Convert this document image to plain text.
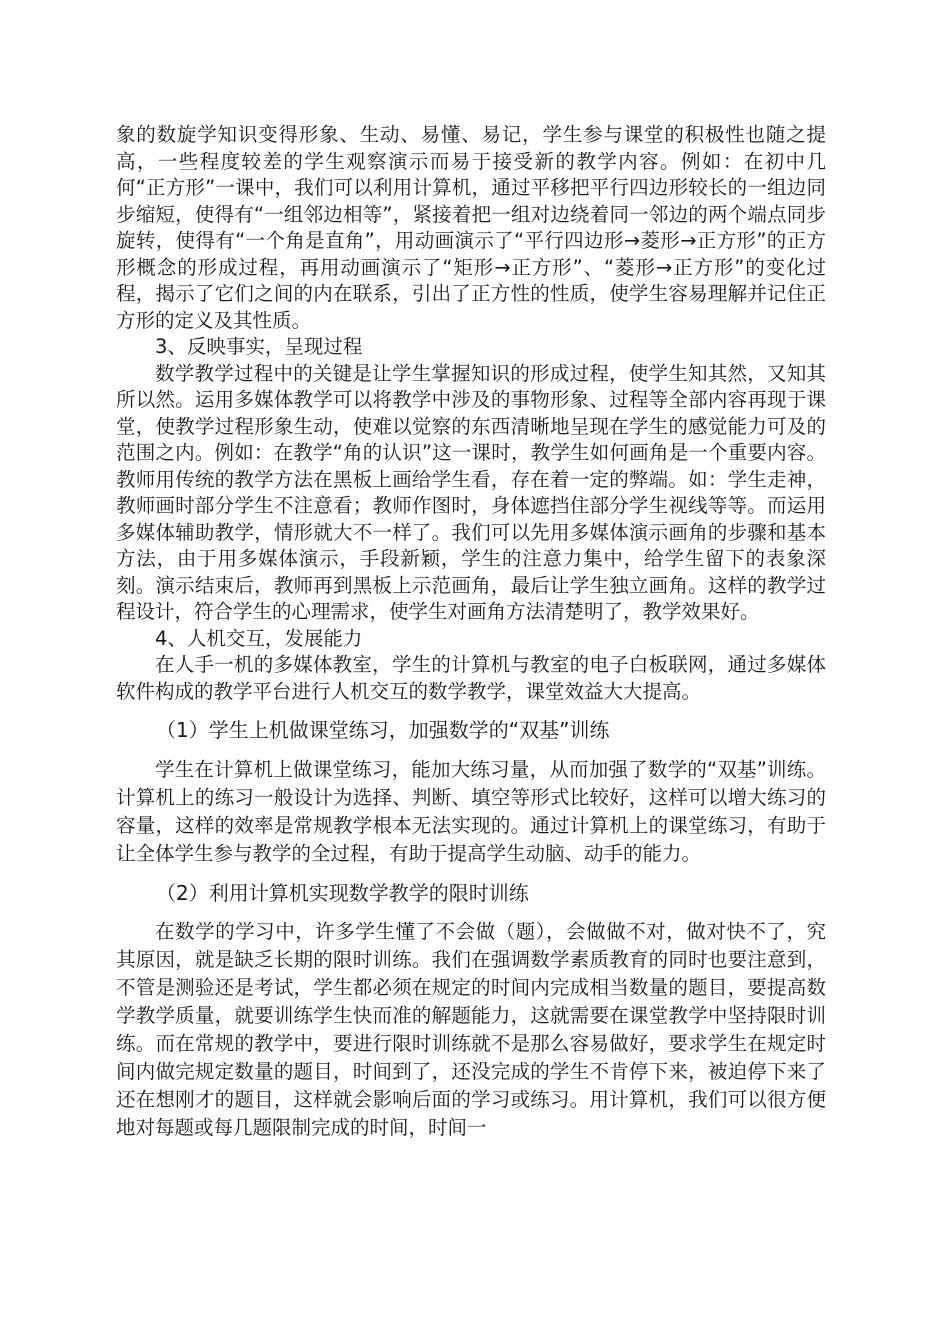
象的数旋学知识变得形象、生动、易懂、易记，学生参与课堂的积极性也随之提高，一些程度较差的学生观察演示而易于接受新的教学内容。例如：在初中几何“正方形”一课中，我们可以利用计算机，通过平移把平行四边形较长的一组边同步缩短，使得有“一组邻边相等”，紧接着把一组对边绕着同一邻边的两个端点同步旋转，使得有“一个角是直角”，用动画演示了“平行四边形→菱形→正方形”的正方形概念的形成过程，再用动画演示了“矩形→正方形”、“菱形→正方形”的变化过程，揭示了它们之间的内在联系，引出了正方性的性质，使学生容易理解并记住正方形的定义及其性质。

3、反映事实，呈现过程

数学教学过程中的关键是让学生掌握知识的形成过程，使学生知其然，又知其所以然。运用多媒体教学可以将教学中涉及的事物形象、过程等全部内容再现于课堂，使教学过程形象生动，使难以觉察的东西清晰地呈现在学生的感觉能力可及的范围之内。例如：在教学“角的认识”这一课时，教学生如何画角是一个重要内容。教师用传统的教学方法在黑板上画给学生看，存在着一定的弊端。如：学生走神，教师画时部分学生不注意看；教师作图时，身体遮挡住部分学生视线等等。而运用多媒体辅助教学，情形就大不一样了。我们可以先用多媒体演示画角的步骤和基本方法，由于用多媒体演示，手段新颖，学生的注意力集中，给学生留下的表象深刻。演示结束后，教师再到黑板上示范画角，最后让学生独立画角。这样的教学过程设计，符合学生的心理需求，使学生对画角方法清楚明了，教学效果好。

4、人机交互，发展能力

在人手一机的多媒体教室，学生的计算机与教室的电子白板联网，通过多媒体软件构成的教学平台进行人机交互的数学教学，课堂效益大大提高。

（1）学生上机做课堂练习，加强数学的“双基”训练

学生在计算机上做课堂练习，能加大练习量，从而加强了数学的“双基”训练。计算机上的练习一般设计为选择、判断、填空等形式比较好，这样可以增大练习的容量，这样的效率是常规教学根本无法实现的。通过计算机上的课堂练习，有助于让全体学生参与教学的全过程，有助于提高学生动脑、动手的能力。

（2）利用计算机实现数学教学的限时训练

在数学的学习中，许多学生懂了不会做（题），会做做不对，做对快不了，究其原因，就是缺乏长期的限时训练。我们在强调数学素质教育的同时也要注意到，不管是测验还是考试，学生都必须在规定的时间内完成相当数量的题目，要提高数学教学质量，就要训练学生快而准的解题能力，这就需要在课堂教学中坚持限时训练。而在常规的教学中，要进行限时训练就不是那么容易做好，要求学生在规定时间内做完规定数量的题目，时间到了，还没完成的学生不肯停下来，被迫停下来了还在想刚才的题目，这样就会影响后面的学习或练习。用计算机，我们可以很方便地对每题或每几题限制完成的时间，时间一
